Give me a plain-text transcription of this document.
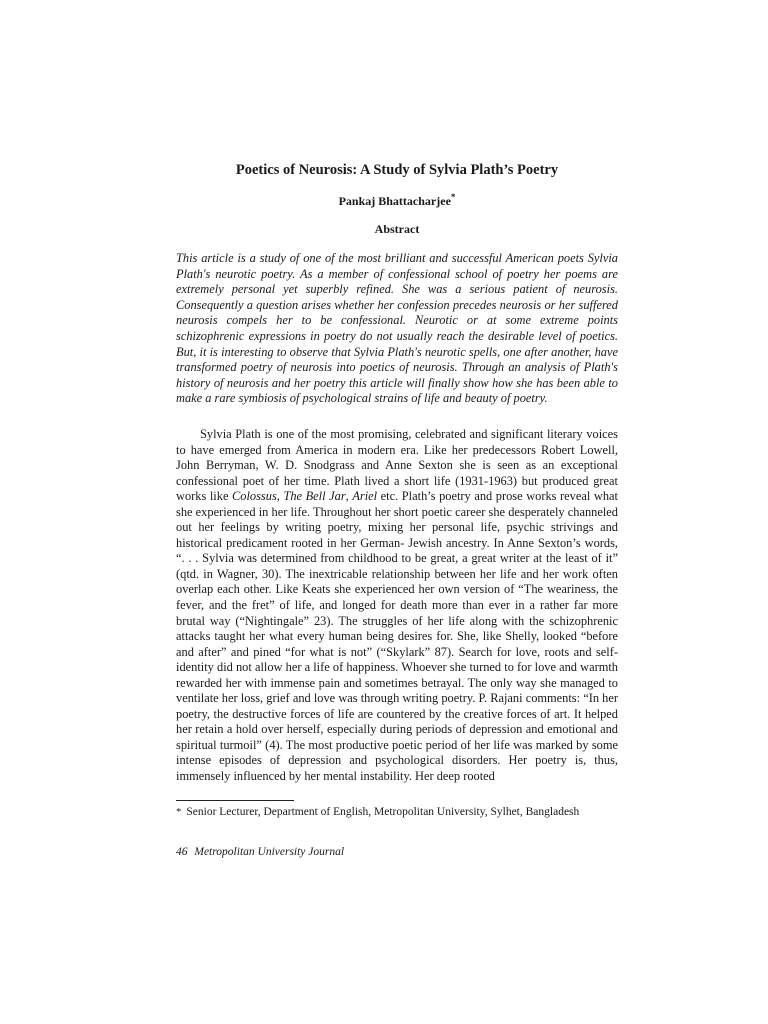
Poetics of Neurosis: A Study of Sylvia Plath’s Poetry
Pankaj Bhattacharjee*
Abstract

This article is a study of one of the most brilliant and successful American poets Sylvia Plath's neurotic poetry. As a member of confessional school of poetry her poems are extremely personal yet superbly refined. She was a serious patient of neurosis. Consequently a question arises whether her confession precedes neurosis or her suffered neurosis compels her to be confessional. Neurotic or at some extreme points schizophrenic expressions in poetry do not usually reach the desirable level of poetics. But, it is interesting to observe that Sylvia Plath's neurotic spells, one after another, have transformed poetry of neurosis into poetics of neurosis. Through an analysis of Plath's history of neurosis and her poetry this article will finally show how she has been able to make a rare symbiosis of psychological strains of life and beauty of poetry.

Sylvia Plath is one of the most promising, celebrated and significant literary voices to have emerged from America in modern era. Like her predecessors Robert Lowell, John Berryman, W. D. Snodgrass and Anne Sexton she is seen as an exceptional confessional poet of her time. Plath lived a short life (1931-1963) but produced great works like Colossus, The Bell Jar, Ariel etc. Plath’s poetry and prose works reveal what she experienced in her life. Throughout her short poetic career she desperately channeled out her feelings by writing poetry, mixing her personal life, psychic strivings and historical predicament rooted in her German- Jewish ancestry. In Anne Sexton’s words, “. . . Sylvia was determined from childhood to be great, a great writer at the least of it” (qtd. in Wagner, 30). The inextricable relationship between her life and her work often overlap each other. Like Keats she experienced her own version of “The weariness, the fever, and the fret” of life, and longed for death more than ever in a rather far more brutal way (“Nightingale” 23). The struggles of her life along with the schizophrenic attacks taught her what every human being desires for. She, like Shelly, looked “before and after” and pined “for what is not” (“Skylark” 87). Search for love, roots and self-identity did not allow her a life of happiness. Whoever she turned to for love and warmth rewarded her with immense pain and sometimes betrayal. The only way she managed to ventilate her loss, grief and love was through writing poetry. P. Rajani comments: “In her poetry, the destructive forces of life are countered by the creative forces of art. It helped her retain a hold over herself, especially during periods of depression and emotional and spiritual turmoil” (4). The most productive poetic period of her life was marked by some intense episodes of depression and psychological disorders. Her poetry is, thus, immensely influenced by her mental instability. Her deep rooted

* Senior Lecturer, Department of English, Metropolitan University, Sylhet, Bangladesh
46 Metropolitan University Journal
